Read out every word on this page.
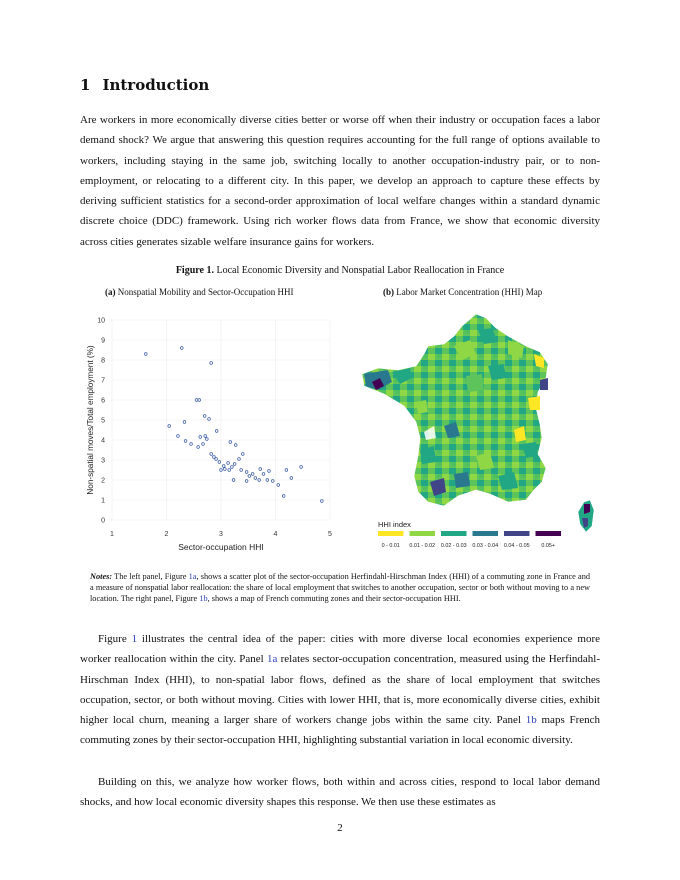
1 Introduction

Are workers in more economically diverse cities better or worse off when their industry or occupation faces a labor demand shock? We argue that answering this question requires accounting for the full range of options available to workers, including staying in the same job, switching locally to another occupation-industry pair, or to non-employment, or relocating to a different city. In this paper, we develop an approach to capture these effects by deriving sufficient statistics for a second-order approximation of local welfare changes within a standard dynamic discrete choice (DDC) framework. Using rich worker flows data from France, we show that economic diversity across cities generates sizable welfare insurance gains for workers.

Figure 1. Local Economic Diversity and Nonspatial Labor Reallocation in France
(a) Nonspatial Mobility and Sector-Occupation HHI	(b) Labor Market Concentration (HHI) Map
0
1
2
3
4
5
6
7
8
9
10
1	2	3	4	5
Sector-occupation HHI
Non-spatial moves/Total employment (%)
HHI index
0 - 0.01 0.01 - 0.02 0.02 - 0.03 0.03 - 0.04 0.04 - 0.05 0.05+

Notes: The left panel, Figure 1a, shows a scatter plot of the sector-occupation Herfindahl-Hirschman Index (HHI) of a commuting zone in France and a measure of nonspatial labor reallocation: the share of local employment that switches to another occupation, sector or both without moving to a new location. The right panel, Figure 1b, shows a map of French commuting zones and their sector-occupation HHI.

Figure 1 illustrates the central idea of the paper: cities with more diverse local economies experience more worker reallocation within the city. Panel 1a relates sector-occupation concentration, measured using the Herfindahl-Hirschman Index (HHI), to non-spatial labor flows, defined as the share of local employment that switches occupation, sector, or both without moving. Cities with lower HHI, that is, more economically diverse cities, exhibit higher local churn, meaning a larger share of workers change jobs within the same city. Panel 1b maps French commuting zones by their sector-occupation HHI, highlighting substantial variation in local economic diversity.

Building on this, we analyze how worker flows, both within and across cities, respond to local labor demand shocks, and how local economic diversity shapes this response. We then use these estimates as

2
